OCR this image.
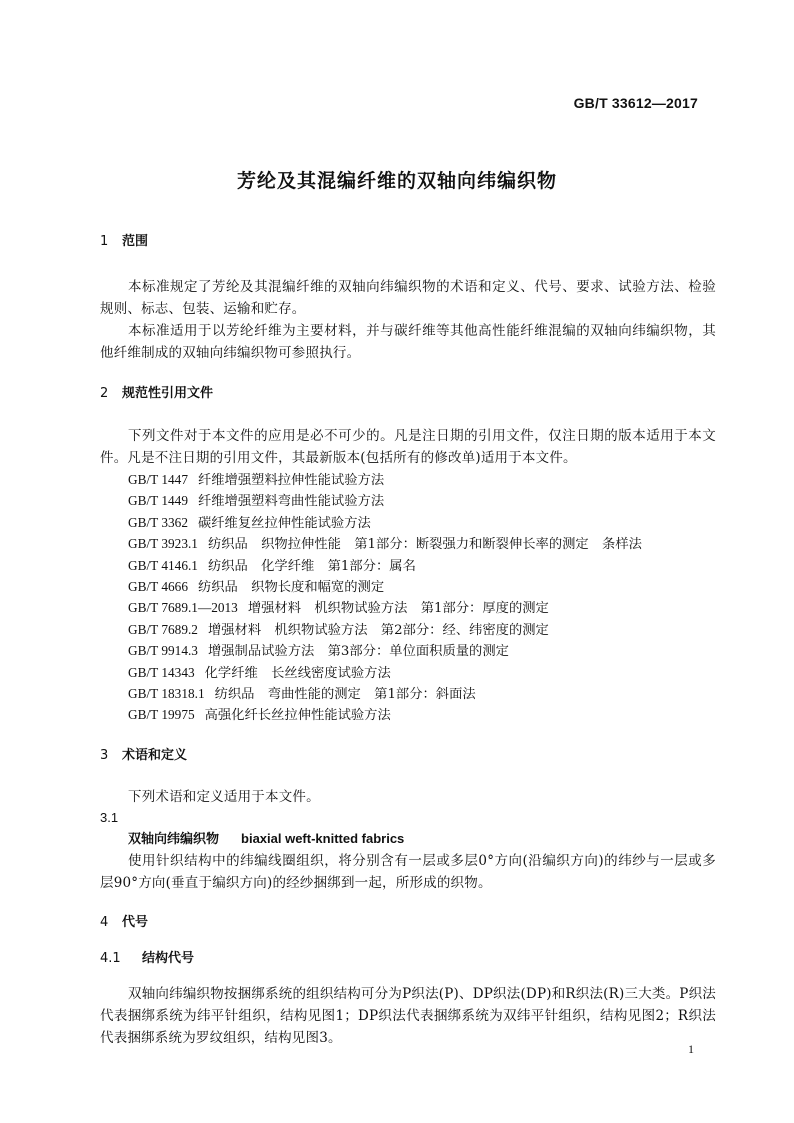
GB/T 33612—2017
芳纶及其混编纤维的双轴向纬编织物
1 范围
本标准规定了芳纶及其混编纤维的双轴向纬编织物的术语和定义、代号、要求、试验方法、检验规则、标志、包装、运输和贮存。
本标准适用于以芳纶纤维为主要材料，并与碳纤维等其他高性能纤维混编的双轴向纬编织物，其他纤维制成的双轴向纬编织物可参照执行。
2 规范性引用文件
下列文件对于本文件的应用是必不可少的。凡是注日期的引用文件，仅注日期的版本适用于本文件。凡是不注日期的引用文件，其最新版本(包括所有的修改单)适用于本文件。
GB/T 1447 纤维增强塑料拉伸性能试验方法
GB/T 1449 纤维增强塑料弯曲性能试验方法
GB/T 3362 碳纤维复丝拉伸性能试验方法
GB/T 3923.1 纺织品　织物拉伸性能　第1部分：断裂强力和断裂伸长率的测定　条样法
GB/T 4146.1 纺织品　化学纤维　第1部分：属名
GB/T 4666 纺织品　织物长度和幅宽的测定
GB/T 7689.1—2013 增强材料　机织物试验方法　第1部分：厚度的测定
GB/T 7689.2 增强材料　机织物试验方法　第2部分：经、纬密度的测定
GB/T 9914.3 增强制品试验方法　第3部分：单位面积质量的测定
GB/T 14343 化学纤维　长丝线密度试验方法
GB/T 18318.1 纺织品　弯曲性能的测定　第1部分：斜面法
GB/T 19975 高强化纤长丝拉伸性能试验方法
3 术语和定义
下列术语和定义适用于本文件。
3.1
双轴向纬编织物 biaxial weft-knitted fabrics
使用针织结构中的纬编线圈组织，将分别含有一层或多层0°方向(沿编织方向)的纬纱与一层或多层90°方向(垂直于编织方向)的经纱捆绑到一起，所形成的织物。
4 代号
4.1 结构代号
双轴向纬编织物按捆绑系统的组织结构可分为P织法(P)、DP织法(DP)和R织法(R)三大类。P织法代表捆绑系统为纬平针组织，结构见图1；DP织法代表捆绑系统为双纬平针组织，结构见图2；R织法代表捆绑系统为罗纹组织，结构见图3。
1
